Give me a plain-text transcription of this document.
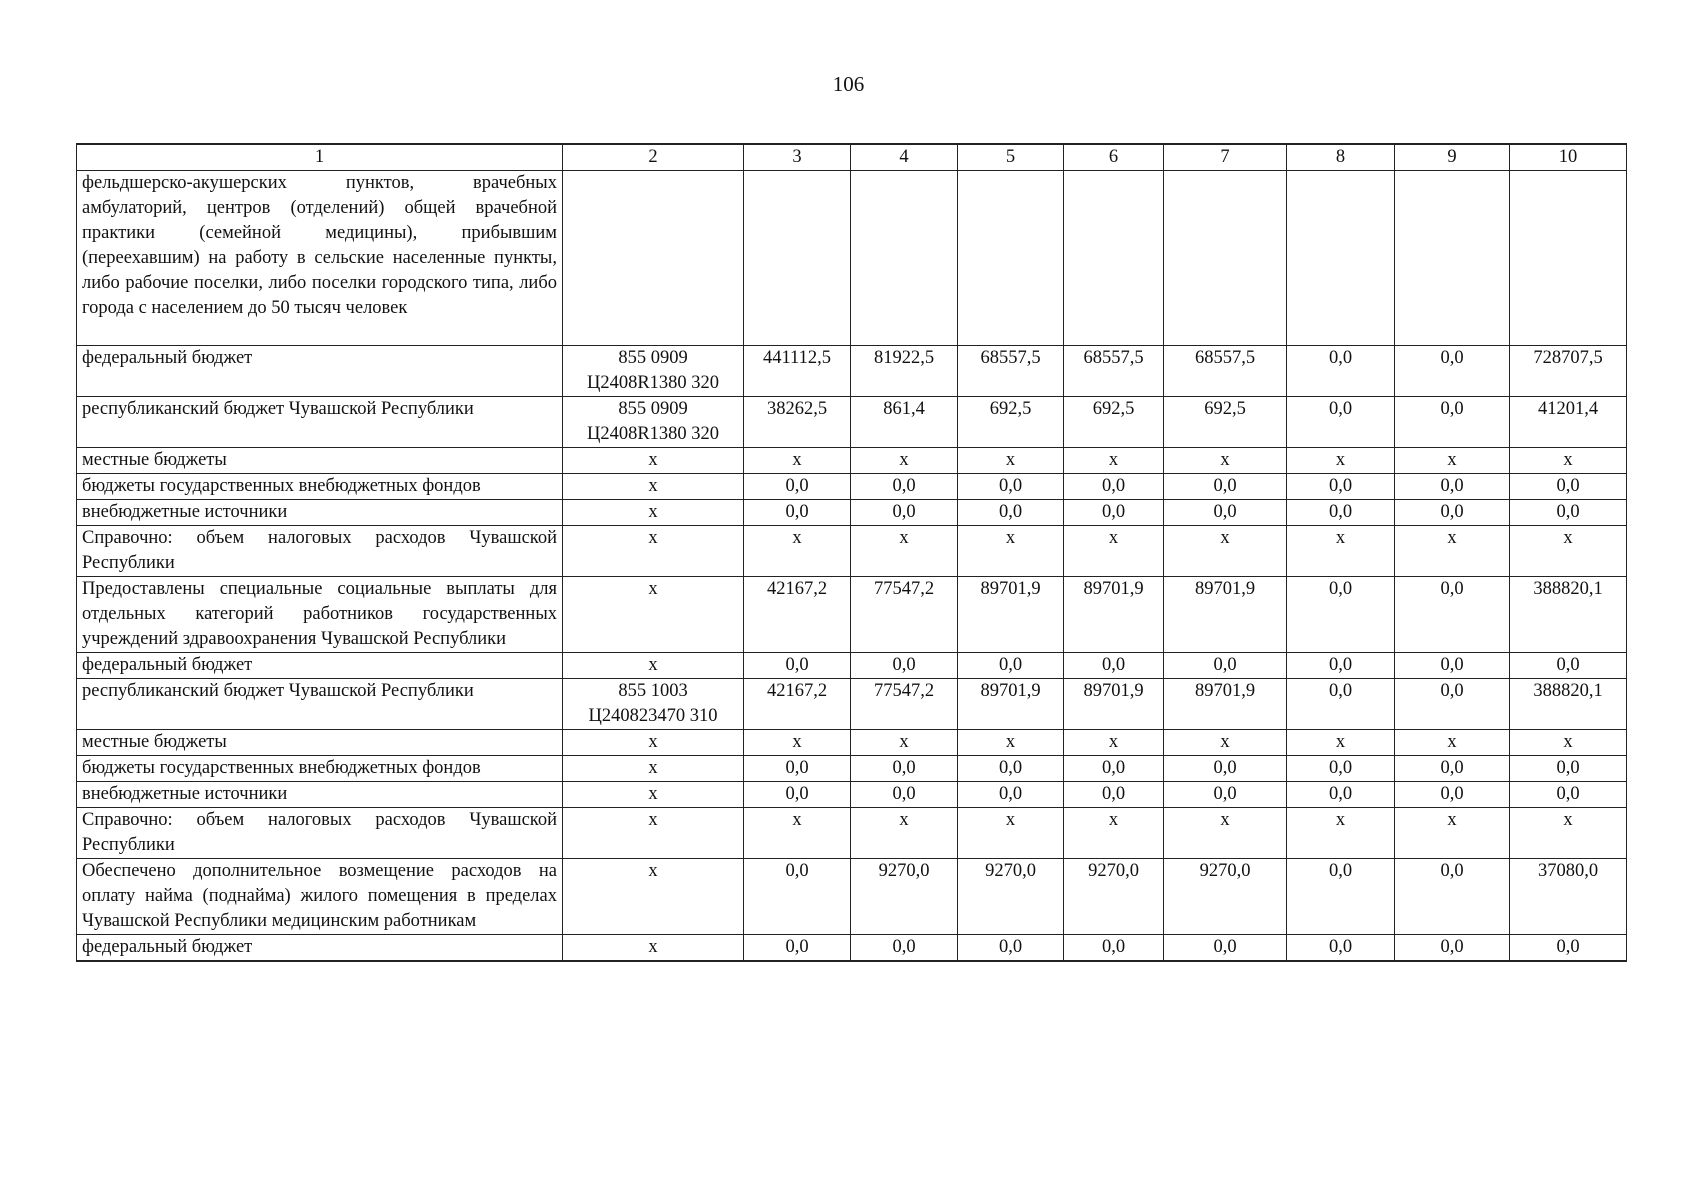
106
1	2	3	4	5	6	7	8	9	10
фельдшерско-акушерских пунктов, врачебных амбулаторий, центров (отделений) общей врачебной практики (семейной медицины), прибывшим (переехавшим) на работу в сельские населенные пункты, либо рабочие поселки, либо поселки городского типа, либо города с населением до 50 тысяч человек									
федеральный бюджет	855 0909 Ц2408R1380 320	441112,5	81922,5	68557,5	68557,5	68557,5	0,0	0,0	728707,5
республиканский бюджет Чувашской Республики	855 0909 Ц2408R1380 320	38262,5	861,4	692,5	692,5	692,5	0,0	0,0	41201,4
местные бюджеты	х	х	х	х	х	х	х	х	х
бюджеты государственных внебюджетных фондов	х	0,0	0,0	0,0	0,0	0,0	0,0	0,0	0,0
внебюджетные источники	х	0,0	0,0	0,0	0,0	0,0	0,0	0,0	0,0
Справочно: объем налоговых расходов Чувашской Республики	х	х	х	х	х	х	х	х	х
Предоставлены специальные социальные выплаты для отдельных категорий работников государственных учреждений здравоохранения Чувашской Республики	х	42167,2	77547,2	89701,9	89701,9	89701,9	0,0	0,0	388820,1
федеральный бюджет	х	0,0	0,0	0,0	0,0	0,0	0,0	0,0	0,0
республиканский бюджет Чувашской Республики	855 1003 Ц240823470 310	42167,2	77547,2	89701,9	89701,9	89701,9	0,0	0,0	388820,1
местные бюджеты	х	х	х	х	х	х	х	х	х
бюджеты государственных внебюджетных фондов	х	0,0	0,0	0,0	0,0	0,0	0,0	0,0	0,0
внебюджетные источники	х	0,0	0,0	0,0	0,0	0,0	0,0	0,0	0,0
Справочно: объем налоговых расходов Чувашской Республики	х	х	х	х	х	х	х	х	х
Обеспечено дополнительное возмещение расходов на оплату найма (поднайма) жилого помещения в пределах Чувашской Республики медицинским работникам	х	0,0	9270,0	9270,0	9270,0	9270,0	0,0	0,0	37080,0
федеральный бюджет	х	0,0	0,0	0,0	0,0	0,0	0,0	0,0	0,0
